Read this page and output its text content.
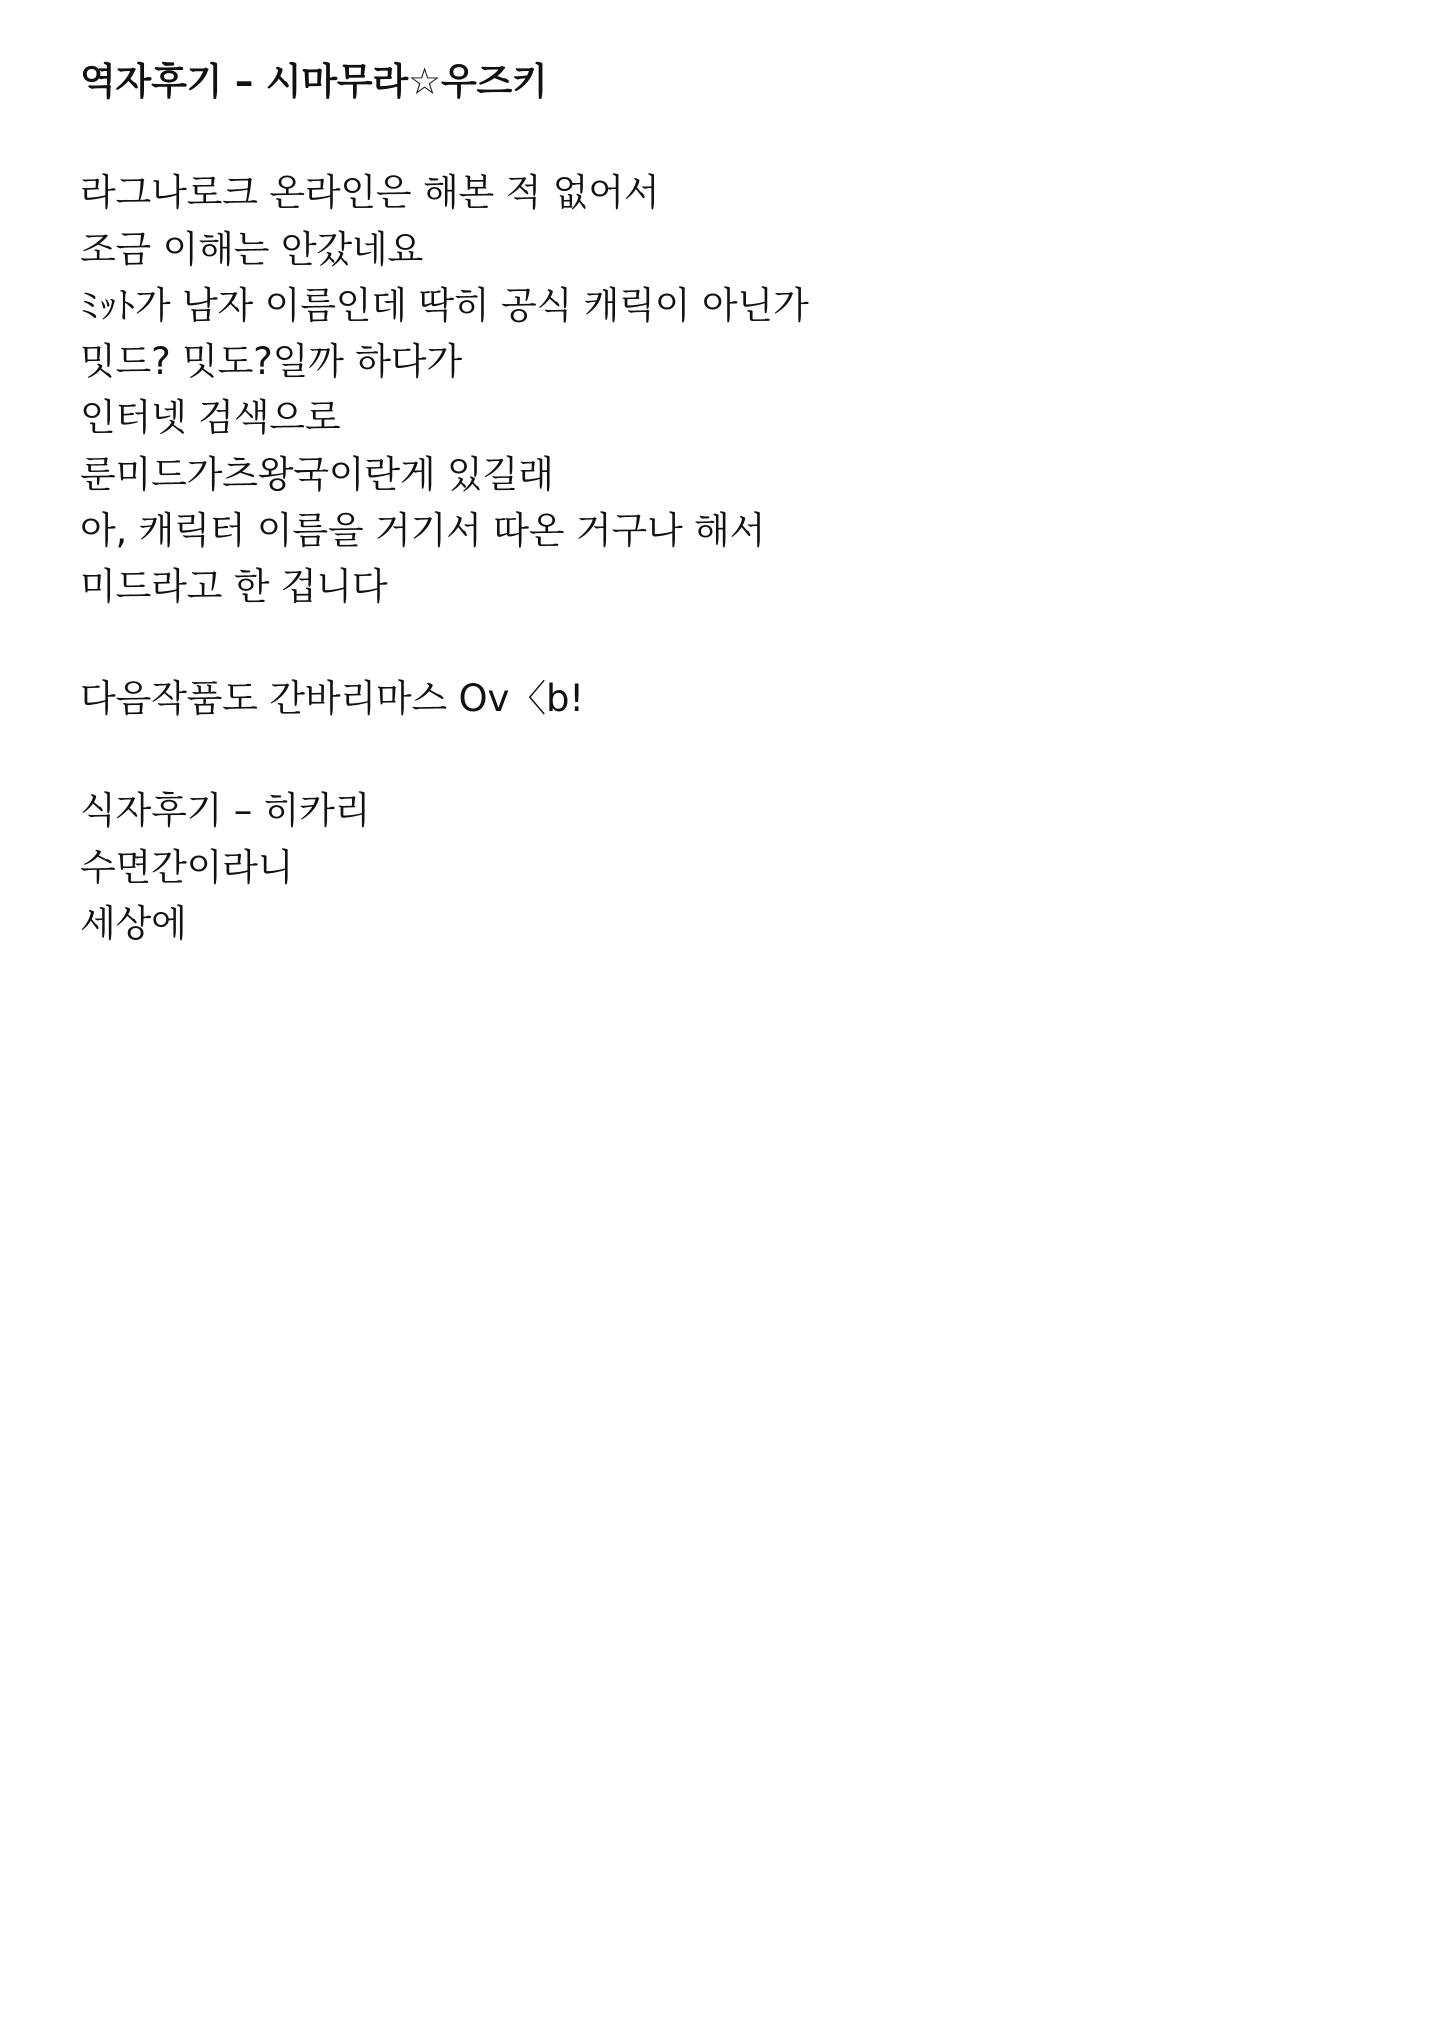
역자후기 – 시마무라☆우즈키

라그나로크 온라인은 해본 적 없어서

조금 이해는 안갔네요

ﾐｯﾄ가 남자 이름인데 딱히 공식 캐릭이 아닌가

밋드? 밋도?일까 하다가

인터넷 검색으로

룬미드가츠왕국이란게 있길래

아, 캐릭터 이름을 거기서 따온 거구나 해서

미드라고 한 겁니다

다음작품도 간바리마스 Ov〈b!

식자후기 – 히카리

수면간이라니

세상에
